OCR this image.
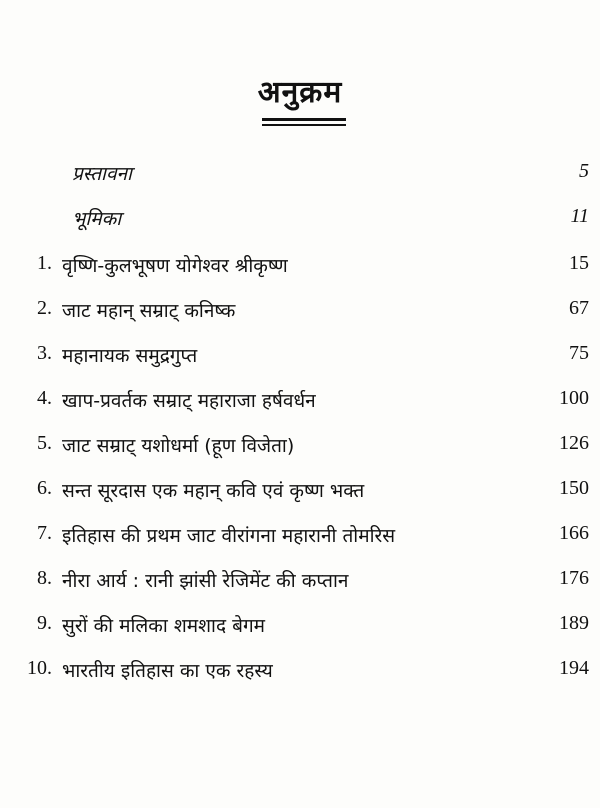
अनुक्रम
प्रस्तावना	5
भूमिका	11
1. वृष्णि-कुलभूषण योगेश्वर श्रीकृष्ण	15
2. जाट महान् सम्राट् कनिष्क	67
3. महानायक समुद्रगुप्त	75
4. खाप-प्रवर्तक सम्राट् महाराजा हर्षवर्धन	100
5. जाट सम्राट् यशोधर्मा (हूण विजेता)	126
6. सन्त सूरदास एक महान् कवि एवं कृष्ण भक्त	150
7. इतिहास की प्रथम जाट वीरांगना महारानी तोमरिस	166
8. नीरा आर्य : रानी झांसी रेजिमेंट की कप्तान	176
9. सुरों की मलिका शमशाद बेगम	189
10. भारतीय इतिहास का एक रहस्य	194
